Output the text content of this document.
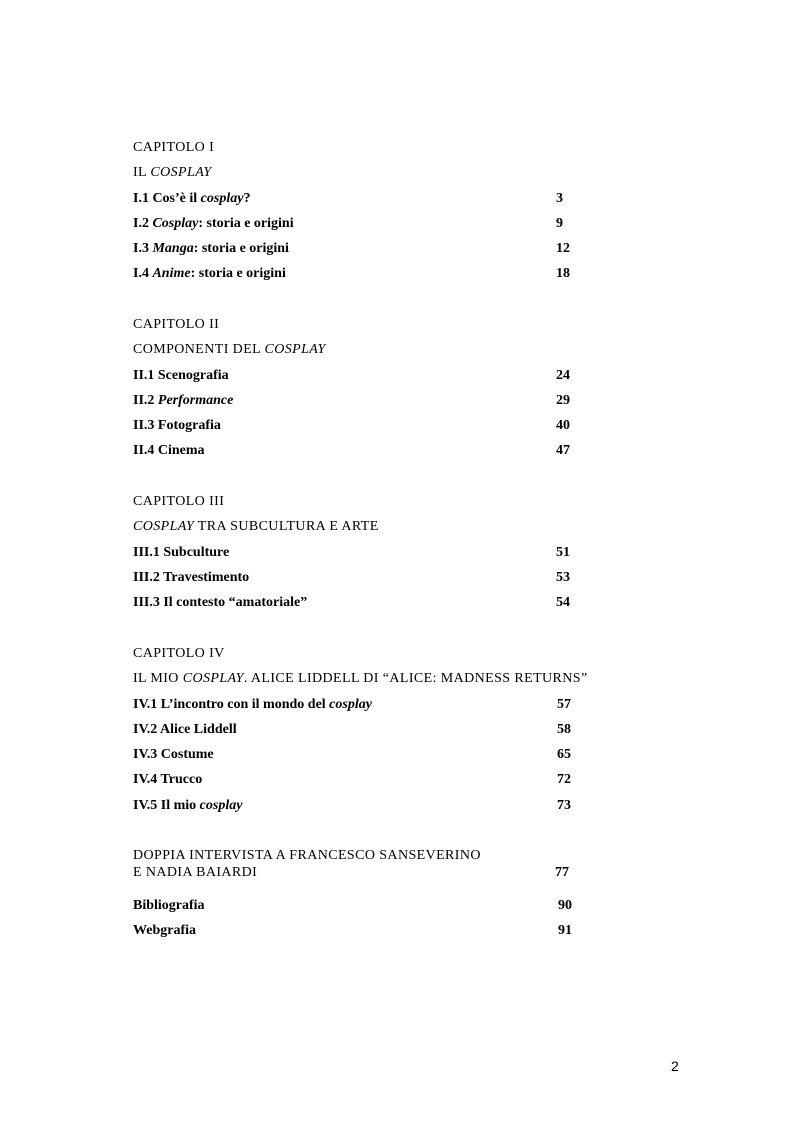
CAPITOLO I
IL COSPLAY
I.1 Cos’è il cosplay?	3
I.2 Cosplay: storia e origini	9
I.3 Manga: storia e origini	12
I.4 Anime: storia e origini	18
CAPITOLO II
COMPONENTI DEL COSPLAY
II.1 Scenografia	24
II.2 Performance	29
II.3 Fotografia	40
II.4 Cinema	47
CAPITOLO III
COSPLAY TRA SUBCULTURA E ARTE
III.1 Subculture	51
III.2 Travestimento	53
III.3 Il contesto “amatoriale”	54
CAPITOLO IV
IL MIO COSPLAY. ALICE LIDDELL DI “ALICE: MADNESS RETURNS”
IV.1 L’incontro con il mondo del cosplay	57
IV.2 Alice Liddell	58
IV.3 Costume	65
IV.4 Trucco	72
IV.5 Il mio cosplay	73
DOPPIA INTERVISTA A FRANCESCO SANSEVERINO
E NADIA BAIARDI	77
Bibliografia	90
Webgrafia	91
2
